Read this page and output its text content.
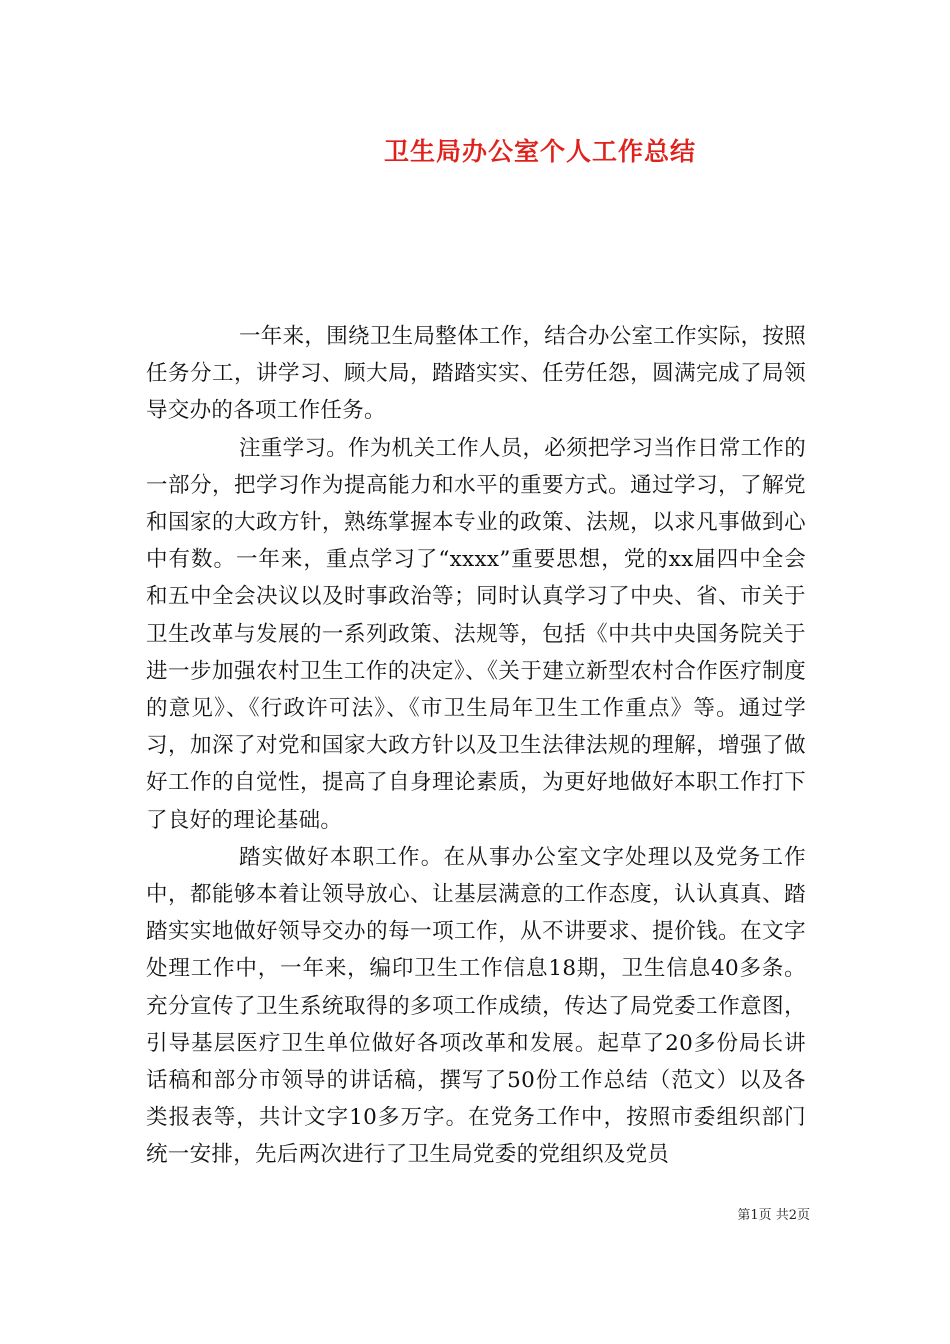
卫生局办公室个人工作总结

一年来，围绕卫生局整体工作，结合办公室工作实际，按照任务分工，讲学习、顾大局，踏踏实实、任劳任怨，圆满完成了局领导交办的各项工作任务。

注重学习。作为机关工作人员，必须把学习当作日常工作的一部分，把学习作为提高能力和水平的重要方式。通过学习，了解党和国家的大政方针，熟练掌握本专业的政策、法规，以求凡事做到心中有数。一年来，重点学习了“xxxx”重要思想，党的xx届四中全会和五中全会决议以及时事政治等；同时认真学习了中央、省、市关于卫生改革与发展的一系列政策、法规等，包括《中共中央国务院关于进一步加强农村卫生工作的决定》、《关于建立新型农村合作医疗制度的意见》、《行政许可法》、《市卫生局年卫生工作重点》等。通过学习，加深了对党和国家大政方针以及卫生法律法规的理解，增强了做好工作的自觉性，提高了自身理论素质，为更好地做好本职工作打下了良好的理论基础。

踏实做好本职工作。在从事办公室文字处理以及党务工作中，都能够本着让领导放心、让基层满意的工作态度，认认真真、踏踏实实地做好领导交办的每一项工作，从不讲要求、提价钱。在文字处理工作中，一年来，编印卫生工作信息18期，卫生信息40多条。充分宣传了卫生系统取得的多项工作成绩，传达了局党委工作意图，引导基层医疗卫生单位做好各项改革和发展。起草了20多份局长讲话稿和部分市领导的讲话稿，撰写了50份工作总结（范文）以及各类报表等，共计文字10多万字。在党务工作中，按照市委组织部门统一安排，先后两次进行了卫生局党委的党组织及党员

第1页 共2页
